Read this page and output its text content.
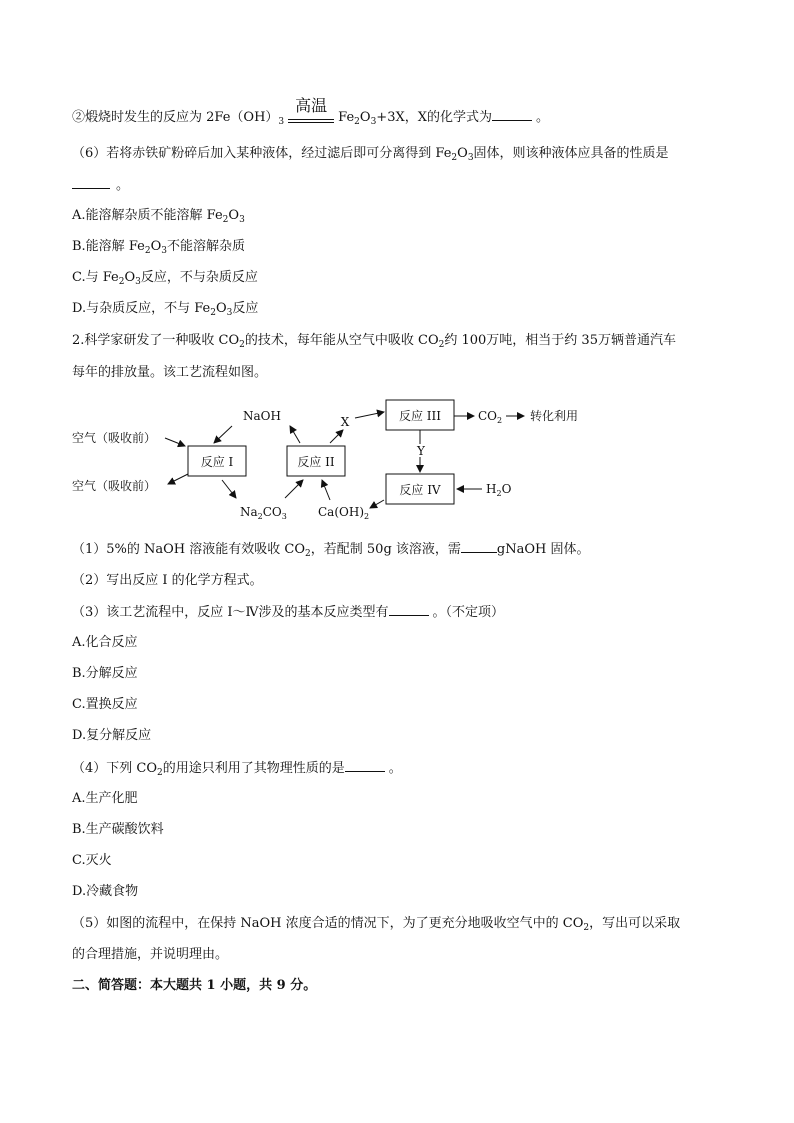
②煅烧时发生的反应为 $2Fe(OH)_3$
高温
$Fe_2O_3+3X$，X的化学式为	。
（6）若将赤铁矿粉碎后加入某种液体，经过滤后即可分离得到 $Fe_2O_3$固体，则该种液体应具备的性质是
。
A.能溶解杂质不能溶解 $Fe_2O_3$
B.能溶解 $Fe_2O_3$不能溶解杂质
C.与 $Fe_2O_3$反应，不与杂质反应
D.与杂质反应，不与 $Fe_2O_3$反应
2.科学家研发了一种吸收 $CO_2$的技术，每年能从空气中吸收 $CO_2$约 100万吨，相当于约 35万辆普通汽车
每年的排放量。该工艺流程如图。
反应 I	反应 II
反应 III
反应 IV
空气（吸收前）
空气（吸收前）
NaOH
$Na_2CO_3$
X	$CO_2$ 转化利用
Y
$H_2O$
$Ca(OH)_2$
（1）5%的 NaOH 溶液能有效吸收 $CO_2$，若配制 50g 该溶液，需	gNaOH 固体。
（2）写出反应 I 的化学方程式。
（3）该工艺流程中，反应 I～Ⅳ涉及的基本反应类型有	。（不定项）
A.化合反应
B.分解反应
C.置换反应
D.复分解反应
（4）下列 $CO_2$的用途只利用了其物理性质的是	。
A.生产化肥
B.生产碳酸饮料
C.灭火
D.冷藏食物
（5）如图的流程中，在保持 NaOH 浓度合适的情况下，为了更充分地吸收空气中的 $CO_2$，写出可以采取
的合理措施，并说明理由。
二、简答题：本大题共 1 小题，共 9 分。
